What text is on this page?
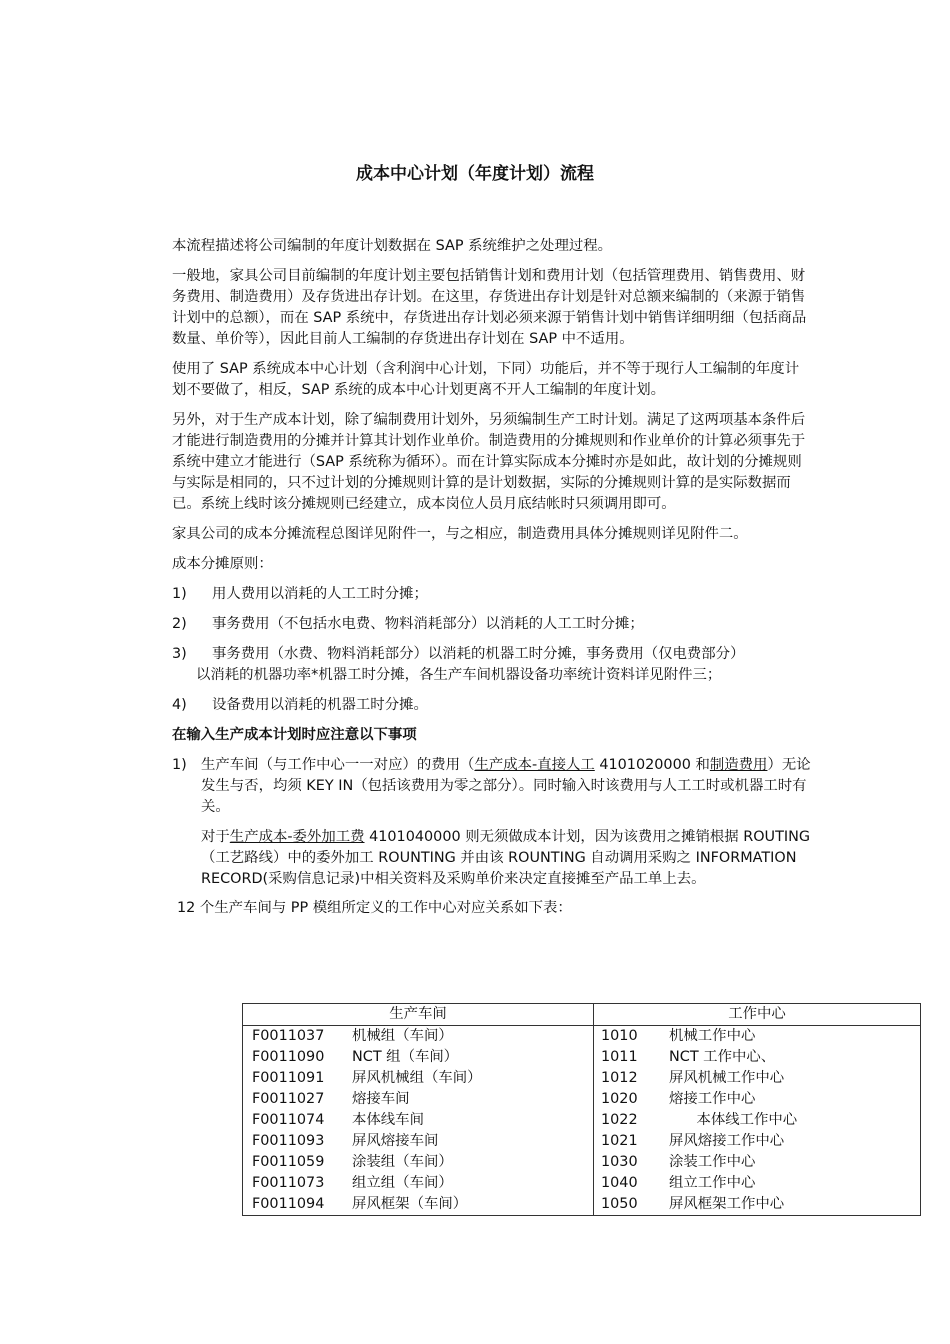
成本中心计划（年度计划）流程

本流程描述将公司编制的年度计划数据在 SAP 系统维护之处理过程。

一般地，家具公司目前编制的年度计划主要包括销售计划和费用计划（包括管理费用、销售费用、财务费用、制造费用）及存货进出存计划。在这里，存货进出存计划是针对总额来编制的（来源于销售计划中的总额），而在 SAP 系统中，存货进出存计划必须来源于销售计划中销售详细明细（包括商品数量、单价等），因此目前人工编制的存货进出存计划在 SAP 中不适用。

使用了 SAP 系统成本中心计划（含利润中心计划，下同）功能后，并不等于现行人工编制的年度计划不要做了，相反，SAP 系统的成本中心计划更离不开人工编制的年度计划。

另外，对于生产成本计划，除了编制费用计划外，另须编制生产工时计划。满足了这两项基本条件后才能进行制造费用的分摊并计算其计划作业单价。制造费用的分摊规则和作业单价的计算必须事先于系统中建立才能进行（SAP 系统称为循环）。而在计算实际成本分摊时亦是如此，故计划的分摊规则与实际是相同的，只不过计划的分摊规则计算的是计划数据，实际的分摊规则计算的是实际数据而已。系统上线时该分摊规则已经建立，成本岗位人员月底结帐时只须调用即可。

家具公司的成本分摊流程总图详见附件一，与之相应，制造费用具体分摊规则详见附件二。

成本分摊原则：

1) 用人费用以消耗的人工工时分摊；
2) 事务费用（不包括水电费、物料消耗部分）以消耗的人工工时分摊；
3) 事务费用（水费、物料消耗部分）以消耗的机器工时分摊，事务费用（仅电费部分）
以消耗的机器功率*机器工时分摊，各生产车间机器设备功率统计资料详见附件三；
4) 设备费用以消耗的机器工时分摊。

在输入生产成本计划时应注意以下事项

1) 生产车间（与工作中心一一对应）的费用（生产成本-直接人工 4101020000 和制造费用）无论发生与否，均须 KEY IN（包括该费用为零之部分）。同时输入时该费用与人工工时或机器工时有关。
对于生产成本-委外加工费 4101040000 则无须做成本计划，因为该费用之摊销根据 ROUTING（工艺路线）中的委外加工 ROUNTING 并由该 ROUNTING 自动调用采购之 INFORMATION RECORD(采购信息记录)中相关资料及采购单价来决定直接摊至产品工单上去。
12 个生产车间与 PP 模组所定义的工作中心对应关系如下表：
生产车间	工作中心
F0011037 机械组（车间）	1010 机械工作中心
F0011090 NCT 组（车间）	1011 NCT 工作中心、
F0011091 屏风机械组（车间）	1012 屏风机械工作中心
F0011027 熔接车间	1020 熔接工作中心
F0011074 本体线车间	1022      本体线工作中心
F0011093 屏风熔接车间	1021 屏风熔接工作中心
F0011059 涂装组（车间）	1030 涂装工作中心
F0011073 组立组（车间）	1040 组立工作中心
F0011094 屏风框架（车间）	1050 屏风框架工作中心
